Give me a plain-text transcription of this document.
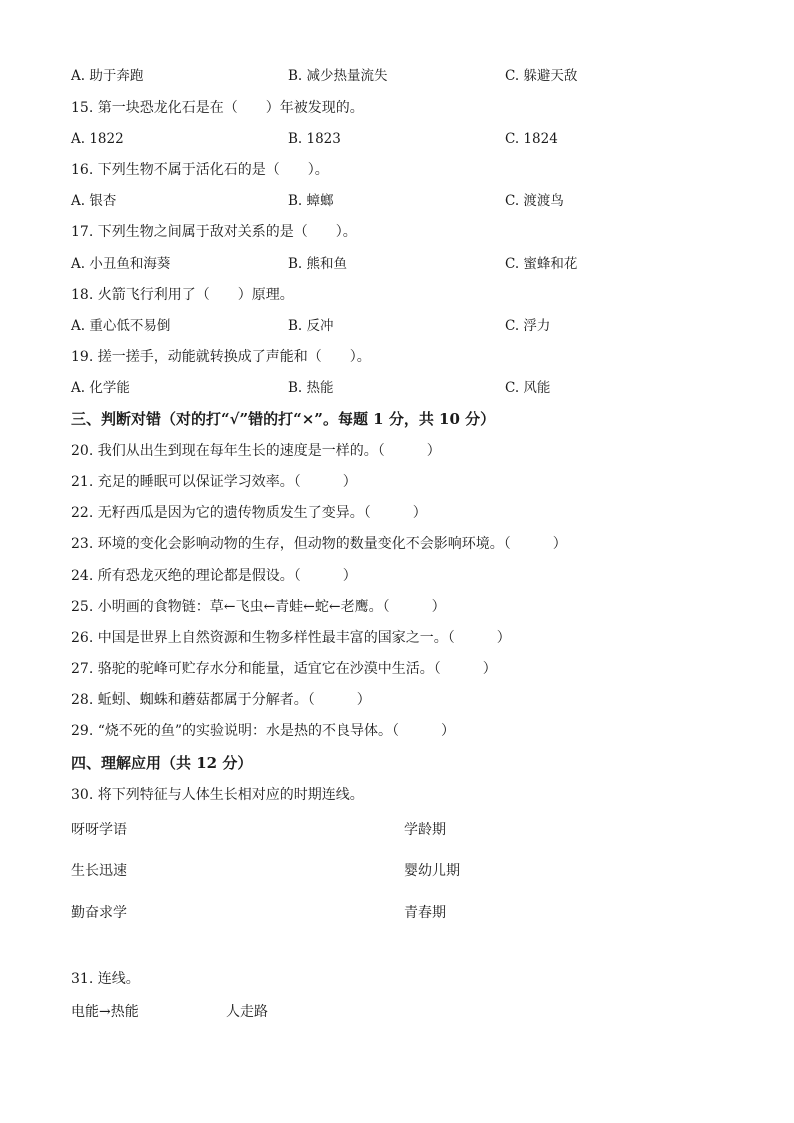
A. 助于奔跑	B. 减少热量流失	C. 躲避天敌
15. 第一块恐龙化石是在（　　）年被发现的。
A. 1822	B. 1823	C. 1824
16. 下列生物不属于活化石的是（　　）。
A. 银杏	B. 蟑螂	C. 渡渡鸟
17. 下列生物之间属于敌对关系的是（　　）。
A. 小丑鱼和海葵	B. 熊和鱼	C. 蜜蜂和花
18. 火箭飞行利用了（　　）原理。
A. 重心低不易倒	B. 反冲	C. 浮力
19. 搓一搓手，动能就转换成了声能和（　　）。
A. 化学能	B. 热能	C. 风能
三、判断对错（对的打“√”错的打“×”。每题 1 分，共 10 分）
20. 我们从出生到现在每年生长的速度是一样的。（　　　）
21. 充足的睡眠可以保证学习效率。（　　　）
22. 无籽西瓜是因为它的遗传物质发生了变异。（　　　）
23. 环境的变化会影响动物的生存，但动物的数量变化不会影响环境。（　　　）
24. 所有恐龙灭绝的理论都是假设。（　　　）
25. 小明画的食物链：草←飞虫←青蛙←蛇←老鹰。（　　　）
26. 中国是世界上自然资源和生物多样性最丰富的国家之一。（　　　）
27. 骆驼的驼峰可贮存水分和能量，适宜它在沙漠中生活。（　　　）
28. 蚯蚓、蜘蛛和蘑菇都属于分解者。（　　　）
29. “烧不死的鱼”的实验说明：水是热的不良导体。（　　　）
四、理解应用（共 12 分）
30. 将下列特征与人体生长相对应的时期连线。
呀呀学语	学龄期
生长迅速	婴幼儿期
勤奋求学	青春期
31. 连线。
电能→热能	人走路
